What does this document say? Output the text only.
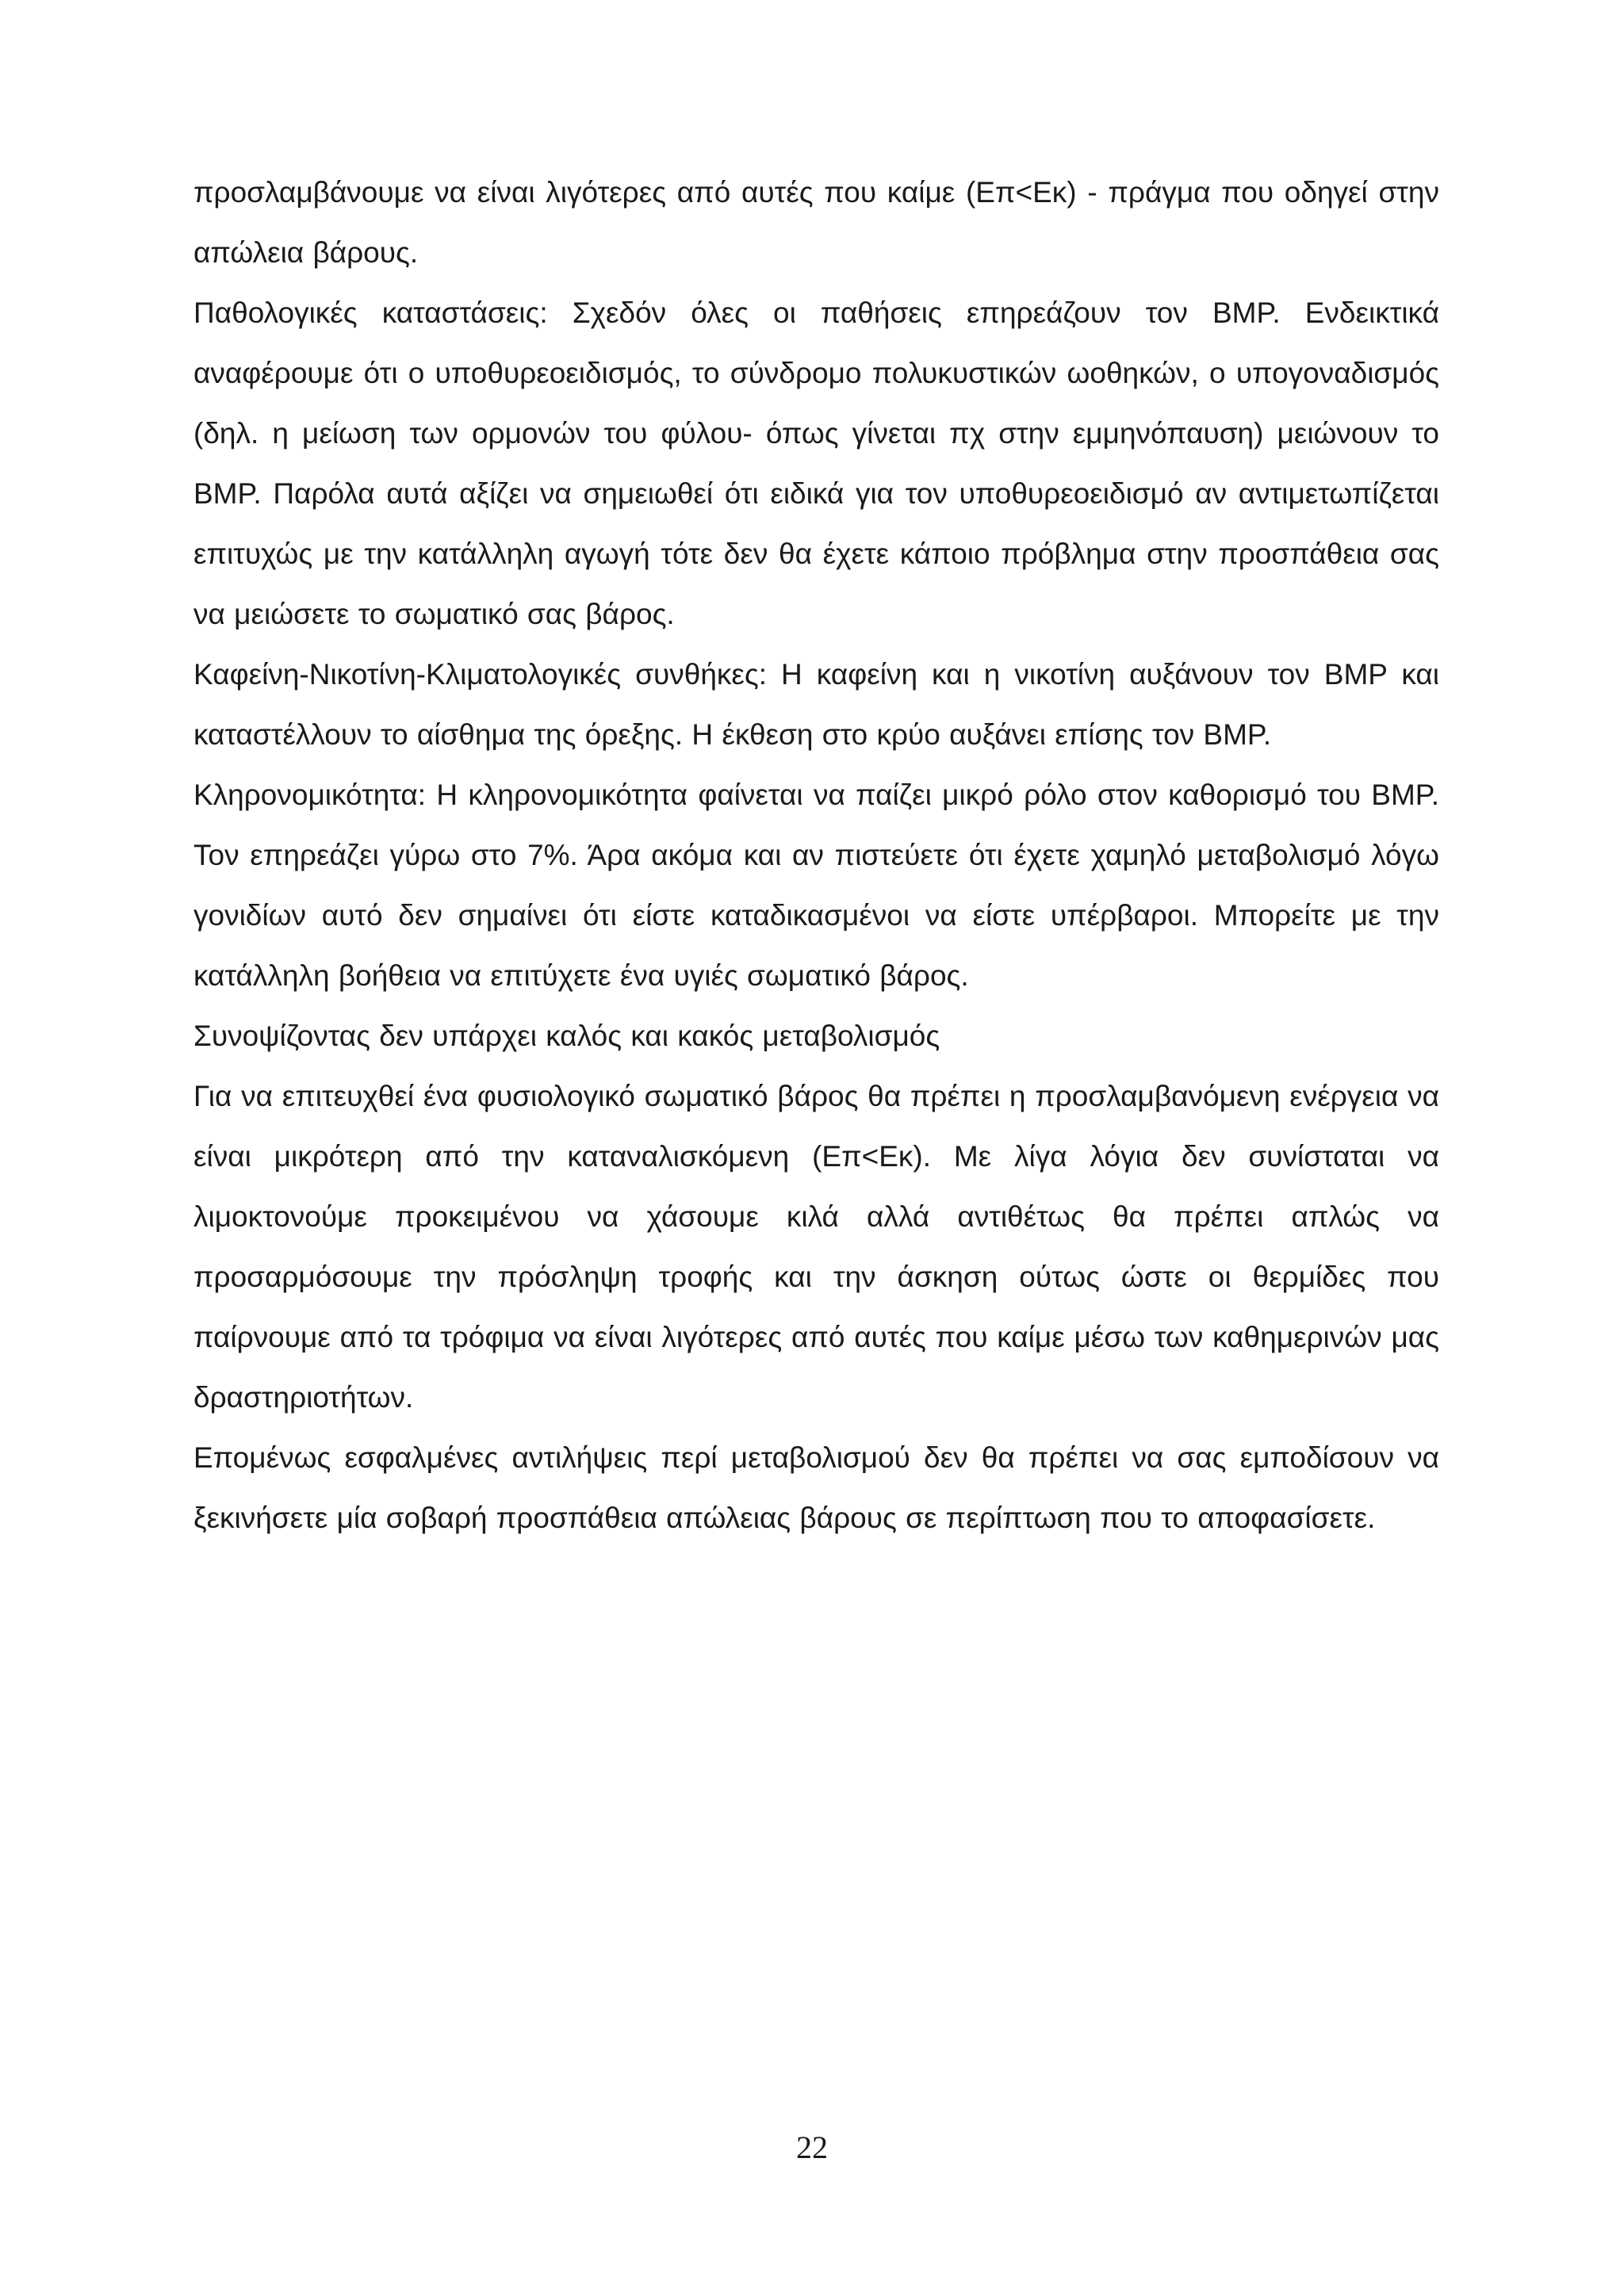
προσλαμβάνουμε να είναι λιγότερες από αυτές που καίμε (Επ<Εκ) - πράγμα που οδηγεί στην απώλεια βάρους.

Παθολογικές καταστάσεις: Σχεδόν όλες οι παθήσεις επηρεάζουν τον BMP. Ενδεικτικά αναφέρουμε ότι ο υποθυρεοειδισμός, το σύνδρομο πολυκυστικών ωοθηκών, ο υπογοναδισμός (δηλ. η μείωση των ορμονών του φύλου- όπως γίνεται πχ στην εμμηνόπαυση) μειώνουν το BMP. Παρόλα αυτά αξίζει να σημειωθεί ότι ειδικά για τον υποθυρεοειδισμό αν αντιμετωπίζεται επιτυχώς με την κατάλληλη αγωγή τότε δεν θα έχετε κάποιο πρόβλημα στην προσπάθεια σας να μειώσετε το σωματικό σας βάρος.

Καφείνη-Νικοτίνη-Κλιματολογικές συνθήκες: Η καφείνη και η νικοτίνη αυξάνουν τον BMP και καταστέλλουν το αίσθημα της όρεξης. Η έκθεση στο κρύο αυξάνει επίσης τον BMP.

Κληρονομικότητα: Η κληρονομικότητα φαίνεται να παίζει μικρό ρόλο στον καθορισμό του BMP. Τον επηρεάζει γύρω στο 7%. Άρα ακόμα και αν πιστεύετε ότι έχετε χαμηλό μεταβολισμό λόγω γονιδίων αυτό δεν σημαίνει ότι είστε καταδικασμένοι να είστε υπέρβαροι. Μπορείτε με την κατάλληλη βοήθεια να επιτύχετε ένα υγιές σωματικό βάρος.

Συνοψίζοντας δεν υπάρχει καλός και κακός μεταβολισμός

Για να επιτευχθεί ένα φυσιολογικό σωματικό βάρος θα πρέπει η προσλαμβανόμενη ενέργεια να είναι μικρότερη από την καταναλισκόμενη (Επ<Εκ). Με λίγα λόγια δεν συνίσταται να λιμοκτονούμε προκειμένου να χάσουμε κιλά αλλά αντιθέτως θα πρέπει απλώς να προσαρμόσουμε την πρόσληψη τροφής και την άσκηση ούτως ώστε οι θερμίδες που παίρνουμε από τα τρόφιμα να είναι λιγότερες από αυτές που καίμε μέσω των καθημερινών μας δραστηριοτήτων.

Επομένως εσφαλμένες αντιλήψεις περί μεταβολισμού δεν θα πρέπει να σας εμποδίσουν να ξεκινήσετε μία σοβαρή προσπάθεια απώλειας βάρους σε περίπτωση που το αποφασίσετε.

22
